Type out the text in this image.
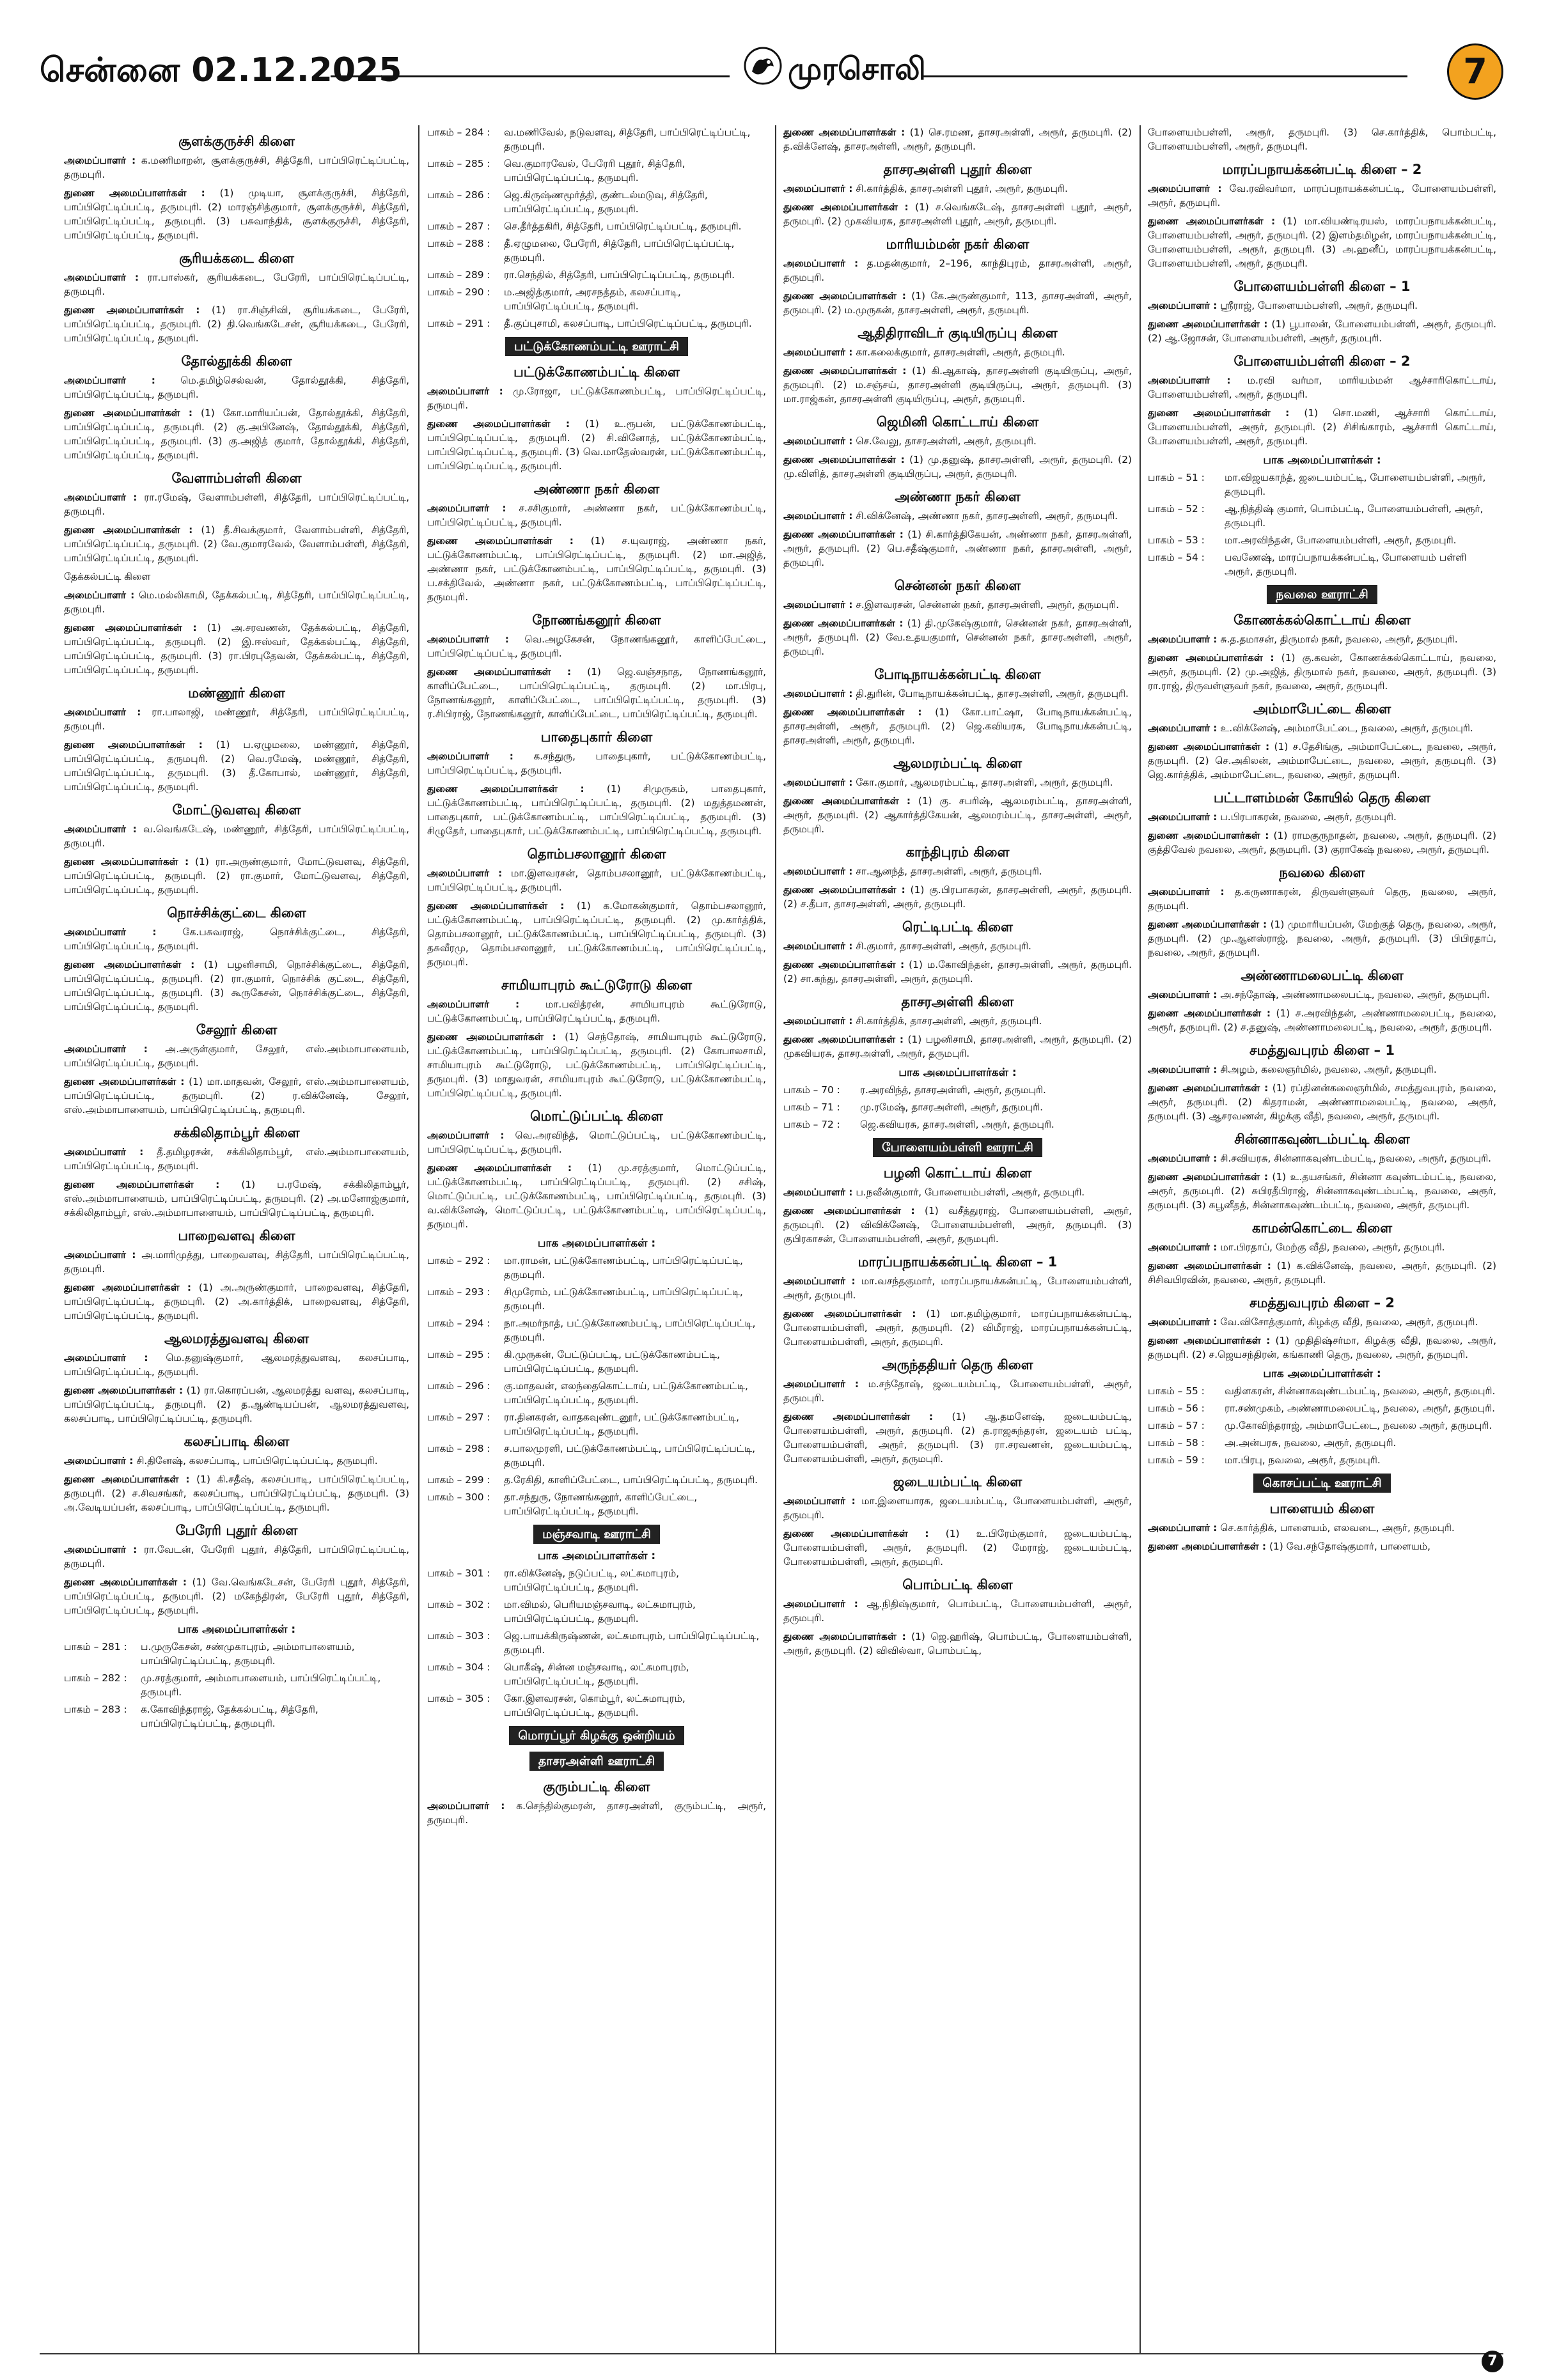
சென்னை 02.12.2025	முரசொலி	7
சூளக்குருச்சி கிளை
அமைப்பாளர் : க.மணிமாறன், சூளக்குருச்சி, சித்தேரி, பாப்பிரெட்டிப்பட்டி, தருமபுரி.
துணை அமைப்பாளர்கள் : (1) முடியா, சூளக்குருச்சி, சித்தேரி, பாப்பிரெட்டிப்பட்டி, தருமபுரி. (2) மாரஞ்சித்குமார், சூளக்குருச்சி, சித்தேரி, பாப்பிரெட்டிப்பட்டி, தருமபுரி. (3) பசுவாந்திக், சூளக்குருச்சி, சித்தேரி, பாப்பிரெட்டிப்பட்டி, தருமபுரி.
சூரியக்கடை கிளை
அமைப்பாளர் : ரா.பாஸ்கர், சூரியக்கடை, பேரேரி, பாப்பிரெட்டிப்பட்டி, தருமபுரி.
துணை அமைப்பாளர்கள் : (1) ரா.சிஞ்சிவி, சூரியக்கடை, பேரேரி, பாப்பிரெட்டிப்பட்டி, தருமபுரி. (2) தி.வெங்கடேசன், சூரியக்கடை, பேரேரி, பாப்பிரெட்டிப்பட்டி, தருமபுரி.
தோல்தூக்கி கிளை
அமைப்பாளர் :	மெ.தமிழ்செல்வன், தோல்தூக்கி, சித்தேரி, பாப்பிரெட்டிப்பட்டி, தருமபுரி.
துணை அமைப்பாளர்கள் : (1) கோ.மாரியப்பன், தோல்தூக்கி, சித்தேரி, பாப்பிரெட்டிப்பட்டி, தருமபுரி. (2) கு.அபினேஷ், தோல்தூக்கி, சித்தேரி, பாப்பிரெட்டிப்பட்டி, தருமபுரி. (3) கு.அஜித் குமார், தோல்தூக்கி, சித்தேரி, பாப்பிரெட்டிப்பட்டி, தருமபுரி.
வேளாம்பள்ளி கிளை
அமைப்பாளர் : ரா.ரமேஷ், வேளாம்பள்ளி, சித்தேரி, பாப்பிரெட்டிப்பட்டி, தருமபுரி.
துணை அமைப்பாளர்கள் : (1) தீ.சிவக்குமார், வேளாம்பள்ளி, சித்தேரி, பாப்பிரெட்டிப்பட்டி, தருமபுரி. (2) வே.குமாரவேல், வேளாம்பள்ளி, சித்தேரி, பாப்பிரெட்டிப்பட்டி, தருமபுரி.
தேக்கல்பட்டி கிளை
அமைப்பாளர் : மெ.மல்லிகாமி, தேக்கல்பட்டி, சித்தேரி, பாப்பிரெட்டிப்பட்டி, தருமபுரி.
துணை அமைப்பாளர்கள் : (1) அ.சரவணன், தேக்கல்பட்டி, சித்தேரி, பாப்பிரெட்டிப்பட்டி, தருமபுரி. (2) இ.ஈஸ்வர், தேக்கல்பட்டி, சித்தேரி, பாப்பிரெட்டிப்பட்டி, தருமபுரி. (3) ரா.பிரபுதேவன், தேக்கல்பட்டி, சித்தேரி, பாப்பிரெட்டிப்பட்டி, தருமபுரி.
மண்ணூர் கிளை
அமைப்பாளர் : ரா.பாலாஜி, மண்ணூர், சித்தேரி, பாப்பிரெட்டிப்பட்டி, தருமபுரி.
துணை அமைப்பாளர்கள் : (1) ப.ஏழுமலை, மண்ணூர், சித்தேரி, பாப்பிரெட்டிப்பட்டி, தருமபுரி. (2) வெ.ரமேஷ், மண்ணூர், சித்தேரி, பாப்பிரெட்டிப்பட்டி, தருமபுரி. (3) தீ.கோபால், மண்ணூர், சித்தேரி, பாப்பிரெட்டிப்பட்டி, தருமபுரி.
மோட்டுவளவு கிளை
அமைப்பாளர் : வ.வெங்கடேஷ், மண்ணூர், சித்தேரி, பாப்பிரெட்டிப்பட்டி, தருமபுரி.
துணை அமைப்பாளர்கள் : (1) ரா.அருண்குமார், மோட்டுவளவு, சித்தேரி, பாப்பிரெட்டிப்பட்டி, தருமபுரி. (2) ரா.குமார், மோட்டுவளவு, சித்தேரி, பாப்பிரெட்டிப்பட்டி, தருமபுரி.
நொச்சிக்குட்டை கிளை
அமைப்பாளர் :	கே.பசுவராஜ், நொச்சிக்குட்டை, சித்தேரி, பாப்பிரெட்டிப்பட்டி, தருமபுரி.
துணை அமைப்பாளர்கள் : (1) பழனிசாமி, நொச்சிக்குட்டை, சித்தேரி, பாப்பிரெட்டிப்பட்டி, தருமபுரி. (2) ரா.குமார், நொச்சிக் குட்டை, சித்தேரி, பாப்பிரெட்டிப்பட்டி, தருமபுரி. (3) கூருகேசன், நொச்சிக்குட்டை, சித்தேரி, பாப்பிரெட்டிப்பட்டி, தருமபுரி.
சேலூர் கிளை
அமைப்பாளர் : அ.அருள்குமார், சேலூர், எஸ்.அம்மாபாளையம், பாப்பிரெட்டிப்பட்டி, தருமபுரி.
துணை அமைப்பாளர்கள் : (1) மா.மாதவன், சேலூர், எஸ்.அம்மாபாளையம், பாப்பிரெட்டிப்பட்டி, தருமபுரி. (2) ர.விக்னேஷ், சேலூர், எஸ்.அம்மாபாளையம், பாப்பிரெட்டிப்பட்டி, தருமபுரி.
சக்கிலிதாம்பூர் கிளை
அமைப்பாளர் : தீ.தமிழரசன், சக்கிலிதாம்பூர், எஸ்.அம்மாபாளையம், பாப்பிரெட்டிப்பட்டி, தருமபுரி.
துணை அமைப்பாளர்கள் : (1) ப.ரமேஷ், சக்கிலிதாம்பூர், எஸ்.அம்மாபாளையம், பாப்பிரெட்டிப்பட்டி, தருமபுரி. (2) அ.மனோஜ்குமார், சக்கிலிதாம்பூர், எஸ்.அம்மாபாளையம், பாப்பிரெட்டிப்பட்டி, தருமபுரி.
பாறைவளவு கிளை
அமைப்பாளர் : அ.மாரிமுத்து, பாறைவளவு, சித்தேரி, பாப்பிரெட்டிப்பட்டி, தருமபுரி.
துணை அமைப்பாளர்கள் : (1) அ.அருண்குமார், பாறைவளவு, சித்தேரி, பாப்பிரெட்டிப்பட்டி, தருமபுரி. (2) அ.கார்த்திக், பாறைவளவு, சித்தேரி, பாப்பிரெட்டிப்பட்டி, தருமபுரி.
ஆலமரத்துவளவு கிளை
அமைப்பாளர் : மெ.தனுஷ்குமார், ஆலமரத்துவளவு, கலசப்பாடி, பாப்பிரெட்டிப்பட்டி, தருமபுரி.
துணை அமைப்பாளர்கள் : (1) ரா.கொரப்பன், ஆலமரத்து வளவு, கலசப்பாடி, பாப்பிரெட்டிப்பட்டி, தருமபுரி. (2) த.ஆண்டியப்பன், ஆலமரத்துவளவு, கலசப்பாடி, பாப்பிரெட்டிப்பட்டி, தருமபுரி.
கலசப்பாடி கிளை
அமைப்பாளர் : சி.தினேஷ், கலசப்பாடி, பாப்பிரெட்டிப்பட்டி, தருமபுரி.
துணை அமைப்பாளர்கள் : (1) கி.சதீஷ், கலசப்பாடி, பாப்பிரெட்டிப்பட்டி, தருமபுரி. (2) ச.சிவசங்கர், கலசப்பாடி, பாப்பிரெட்டிப்பட்டி, தருமபுரி. (3) அ.வேடியப்பன், கலசப்பாடி, பாப்பிரெட்டிப்பட்டி, தருமபுரி.
பேரேரி புதூர் கிளை
அமைப்பாளர் : ரா.வேடன், பேரேரி புதூர், சித்தேரி, பாப்பிரெட்டிப்பட்டி, தருமபுரி.
துணை அமைப்பாளர்கள் : (1) வே.வெங்கடேசன், பேரேரி புதூர், சித்தேரி, பாப்பிரெட்டிப்பட்டி, தருமபுரி. (2) மகேந்திரன், பேரேரி புதூர், சித்தேரி, பாப்பிரெட்டிப்பட்டி, தருமபுரி.
பாக அமைப்பாளர்கள் :
பாகம் – 281 :	ப.முருகேசன், சண்முகாபுரம், அம்மாபாளையம், பாப்பிரெட்டிப்பட்டி, தருமபுரி.
பாகம் – 282 :	மு.சரத்குமார், அம்மாபாளையம், பாப்பிரெட்டிப்பட்டி, தருமபுரி.
பாகம் – 283 :	க.கோவிந்தராஜ், தேக்கல்பட்டி, சித்தேரி, பாப்பிரெட்டிப்பட்டி, தருமபுரி.
பாகம் – 284 :	வ.மணிவேல், நடுவளவு, சித்தேரி, பாப்பிரெட்டிப்பட்டி, தருமபுரி.
பாகம் – 285 :	வெ.குமாரவேல், பேரேரி புதூர், சித்தேரி, பாப்பிரெட்டிப்பட்டி, தருமபுரி.
பாகம் – 286 :	ஜெ.கிருஷ்ணமூர்த்தி, குண்டல்மடுவு, சித்தேரி, பாப்பிரெட்டிப்பட்டி, தருமபுரி.
பாகம் – 287 :	செ.தீர்த்தகிரி, சித்தேரி, பாப்பிரெட்டிப்பட்டி, தருமபுரி.
பாகம் – 288 :	தீ.ஏழுமலை, பேரேரி, சித்தேரி, பாப்பிரெட்டிப்பட்டி, தருமபுரி.
பாகம் – 289 :	ரா.செந்தில், சித்தேரி, பாப்பிரெட்டிப்பட்டி, தருமபுரி.
பாகம் – 290 :	ம.அஜித்குமார், அரசநத்தம், கலசப்பாடி, பாப்பிரெட்டிப்பட்டி, தருமபுரி.
பாகம் – 291 :	தீ.குப்புசாமி, கலசப்பாடி, பாப்பிரெட்டிப்பட்டி, தருமபுரி.
பட்டுக்கோணம்பட்டி ஊராட்சி
பட்டுக்கோணம்பட்டி கிளை
அமைப்பாளர் : மு.ரோஜா, பட்டுக்கோணம்பட்டி, பாப்பிரெட்டிப்பட்டி, தருமபுரி.
துணை அமைப்பாளர்கள் : (1) உ.ரூபன், பட்டுக்கோணம்பட்டி, பாப்பிரெட்டிப்பட்டி, தருமபுரி. (2) சி.வினோத், பட்டுக்கோணம்பட்டி, பாப்பிரெட்டிப்பட்டி, தருமபுரி. (3) வெ.மாதேஸ்வரன், பட்டுக்கோணம்பட்டி, பாப்பிரெட்டிப்பட்டி, தருமபுரி.
அண்ணா நகர் கிளை
அமைப்பாளர் : ச.சசிகுமார், அண்ணா நகர், பட்டுக்கோணம்பட்டி, பாப்பிரெட்டிப்பட்டி, தருமபுரி.
துணை அமைப்பாளர்கள் : (1) ச.யுவராஜ், அண்ணா நகர், பட்டுக்கோணம்பட்டி, பாப்பிரெட்டிப்பட்டி, தருமபுரி. (2) மா.அஜித், அண்ணா நகர், பட்டுக்கோணம்பட்டி, பாப்பிரெட்டிப்பட்டி, தருமபுரி. (3) ப.சக்திவேல், அண்ணா நகர், பட்டுக்கோணம்பட்டி, பாப்பிரெட்டிப்பட்டி, தருமபுரி.
நோணங்கனூர் கிளை
அமைப்பாளர் : வெ.அழகேசன், நோணங்கனூர், காளிப்பேட்டை, பாப்பிரெட்டிப்பட்டி, தருமபுரி.
துணை அமைப்பாளர்கள் : (1) ஜெ.வஞ்சநாத, நோணங்கனூர், காளிப்பேட்டை, பாப்பிரெட்டிப்பட்டி, தருமபுரி. (2) மா.பிரபு, நோணங்கனூர், காளிப்பேட்டை, பாப்பிரெட்டிப்பட்டி, தருமபுரி. (3) ர.சிபிராஜ், நோணங்கனூர், காளிப்பேட்டை, பாப்பிரெட்டிப்பட்டி, தருமபுரி.
பாதைபுகார் கிளை
அமைப்பாளர் : க.சந்துரு, பாதைபுகார், பட்டுக்கோணம்பட்டி, பாப்பிரெட்டிப்பட்டி, தருமபுரி.
துணை அமைப்பாளர்கள் : (1) சிமுருகம், பாதைபுகார், பட்டுக்கோணம்பட்டி, பாப்பிரெட்டிப்பட்டி, தருமபுரி. (2) மதுத்தமணன், பாதைபுகார், பட்டுக்கோணம்பட்டி, பாப்பிரெட்டிப்பட்டி, தருமபுரி. (3) சிழுதேர், பாதைபுகார், பட்டுக்கோணம்பட்டி, பாப்பிரெட்டிப்பட்டி, தருமபுரி.
தொம்பசலானூர் கிளை
அமைப்பாளர் : மா.இளவரசன், தொம்பசலானூர், பட்டுக்கோணம்பட்டி, பாப்பிரெட்டிப்பட்டி, தருமபுரி.
துணை அமைப்பாளர்கள் : (1) க.மோகன்குமார், தொம்பசலானூர், பட்டுக்கோணம்பட்டி, பாப்பிரெட்டிப்பட்டி, தருமபுரி. (2) மு.கார்த்திக், தொம்பசலானூர், பட்டுக்கோணம்பட்டி, பாப்பிரெட்டிப்பட்டி, தருமபுரி. (3) தசுவீரமு, தொம்பசலானூர், பட்டுக்கோணம்பட்டி, பாப்பிரெட்டிப்பட்டி, தருமபுரி.
சாமியாபுரம் கூட்டுரோடு கிளை
அமைப்பாளர் :	மா.பவித்ரன், சாமியாபுரம் கூட்டுரோடு, பட்டுக்கோணம்பட்டி, பாப்பிரெட்டிப்பட்டி, தருமபுரி.
துணை அமைப்பாளர்கள் : (1) செந்தோஷ், சாமியாபுரம் கூட்டுரோடு, பட்டுக்கோணம்பட்டி, பாப்பிரெட்டிப்பட்டி, தருமபுரி. (2) கோபாலசாமி, சாமியாபுரம் கூட்டுரோடு, பட்டுக்கோணம்பட்டி, பாப்பிரெட்டிப்பட்டி, தருமபுரி. (3) மாதுவரன், சாமியாபுரம் கூட்டுரோடு, பட்டுக்கோணம்பட்டி, பாப்பிரெட்டிப்பட்டி, தருமபுரி.
மொட்டுப்பட்டி கிளை
அமைப்பாளர் : வெ.அரவிந்த், மொட்டுப்பட்டி, பட்டுக்கோணம்பட்டி, பாப்பிரெட்டிப்பட்டி, தருமபுரி.
துணை அமைப்பாளர்கள் : (1) மு.சரத்குமார், மொட்டுப்பட்டி, பட்டுக்கோணம்பட்டி, பாப்பிரெட்டிப்பட்டி, தருமபுரி. (2) சசிஷ், மொட்டுப்பட்டி, பட்டுக்கோணம்பட்டி, பாப்பிரெட்டிப்பட்டி, தருமபுரி. (3) வ.விக்னேஷ், மொட்டுப்பட்டி, பட்டுக்கோணம்பட்டி, பாப்பிரெட்டிப்பட்டி, தருமபுரி.
பாக அமைப்பாளர்கள் :
பாகம் – 292 :	மா.ராமன், பட்டுக்கோணம்பட்டி, பாப்பிரெட்டிப்பட்டி, தருமபுரி.
பாகம் – 293 :	சிமுரோம், பட்டுக்கோணம்பட்டி, பாப்பிரெட்டிப்பட்டி, தருமபுரி.
பாகம் – 294 :	நா.அமர்நாத், பட்டுக்கோணம்பட்டி, பாப்பிரெட்டிப்பட்டி, தருமபுரி.
பாகம் – 295 :	கி.முருகன், பேட்டுப்பட்டி, பட்டுக்கோணம்பட்டி, பாப்பிரெட்டிப்பட்டி, தருமபுரி.
பாகம் – 296 :	கு.மாதவன், எலந்தைகொட்டாய், பட்டுக்கோணம்பட்டி, பாப்பிரெட்டிப்பட்டி, தருமபுரி.
பாகம் – 297 :	ரா.தினகரன், வாதகவுண்டனூர், பட்டுக்கோணம்பட்டி, பாப்பிரெட்டிப்பட்டி, தருமபுரி.
பாகம் – 298 :	ச.பாலமுரளி, பட்டுக்கோணம்பட்டி, பாப்பிரெட்டிப்பட்டி, தருமபுரி.
பாகம் – 299 :	த.ரேகிதி, காளிப்பேட்டை, பாப்பிரெட்டிப்பட்டி, தருமபுரி.
பாகம் – 300 :	தா.சந்துரு, நோணங்கனூர், காளிப்பேட்டை, பாப்பிரெட்டிப்பட்டி, தருமபுரி.
மஞ்சவாடி ஊராட்சி
பாக அமைப்பாளர்கள் :
பாகம் – 301 :	ரா.விக்னேஷ், நடுப்பட்டி, லட்சுமாபுரம், பாப்பிரெட்டிப்பட்டி, தருமபுரி.
பாகம் – 302 :	மா.விமல், பெரியமஞ்சவாடி, லட்சுமாபுரம், பாப்பிரெட்டிப்பட்டி, தருமபுரி.
பாகம் – 303 :	ஜெ.பாயக்கிருஷ்ணன், லட்சுமாபுரம், பாப்பிரெட்டிப்பட்டி, தருமபுரி.
பாகம் – 304 :	பொகீஷ், சின்ன மஞ்சவாடி, லட்சுமாபுரம், பாப்பிரெட்டிப்பட்டி, தருமபுரி.
பாகம் – 305 :	கோ.இளவரசன், கொம்பூர், லட்சுமாபுரம், பாப்பிரெட்டிப்பட்டி, தருமபுரி.
மொரப்பூர் கிழக்கு ஒன்றியம்
தாசரஅள்ளி ஊராட்சி
குரும்பட்டி கிளை
அமைப்பாளர் : க.செந்தில்குமரன், தாசரஅள்ளி, குரும்பட்டி, அரூர், தருமபுரி.
துணை அமைப்பாளர்கள் : (1) செ.ரமண, தாசரஅள்ளி, அரூர், தருமபுரி. (2) த.விக்னேஷ், தாசரஅள்ளி, அரூர், தருமபுரி.
தாசரஅள்ளி புதூர் கிளை
அமைப்பாளர் : சி.கார்த்திக், தாசரஅள்ளி புதூர், அரூர், தருமபுரி.
துணை அமைப்பாளர்கள் : (1) ச.வெங்கடேஷ், தாசரஅள்ளி புதூர், அரூர், தருமபுரி. (2) முகவியரசு, தாசரஅள்ளி புதூர், அரூர், தருமபுரி.
மாரியம்மன் நகர் கிளை
அமைப்பாளர் : த.மதன்குமார், 2–196, காந்திபுரம், தாசரஅள்ளி, அரூர், தருமபுரி.
துணை அமைப்பாளர்கள் : (1) கே.அருண்குமார், 113, தாசரஅள்ளி, அரூர், தருமபுரி. (2) ம.முருகன், தாசரஅள்ளி, அரூர், தருமபுரி.
ஆதிதிராவிடர் குடியிருப்பு கிளை
அமைப்பாளர் : கா.கலைக்குமார், தாசரஅள்ளி, அரூர், தருமபுரி.
துணை அமைப்பாளர்கள் : (1) கி.ஆகாஷ், தாசரஅள்ளி குடியிருப்பு, அரூர், தருமபுரி. (2) ம.சஞ்சய், தாசரஅள்ளி குடியிருப்பு, அரூர், தருமபுரி. (3) மா.ராஜ்கன், தாசரஅள்ளி குடியிருப்பு, அரூர், தருமபுரி.
ஜெமினி கொட்டாய் கிளை
அமைப்பாளர் : செ.வேலு, தாசரஅள்ளி, அரூர், தருமபுரி.
துணை அமைப்பாளர்கள் : (1) மு.தனுஷ், தாசரஅள்ளி, அரூர், தருமபுரி. (2) மு.விளித், தாசரஅள்ளி குடியிருப்பு, அரூர், தருமபுரி.
அண்ணா நகர் கிளை
அமைப்பாளர் : சி.விக்னேஷ், அண்ணா நகர், தாசரஅள்ளி, அரூர், தருமபுரி.
துணை அமைப்பாளர்கள் : (1) சி.கார்த்திகேயன், அண்ணா நகர், தாசரஅள்ளி, அரூர், தருமபுரி. (2) பெ.சதீஷ்குமார், அண்ணா நகர், தாசரஅள்ளி, அரூர், தருமபுரி.
சென்னன் நகர் கிளை
அமைப்பாளர் : ச.இளவரசன், சென்னன் நகர், தாசரஅள்ளி, அரூர், தருமபுரி.
துணை அமைப்பாளர்கள் : (1) தி.முகேஷ்குமார், சென்னன் நகர், தாசரஅள்ளி, அரூர், தருமபுரி. (2) வே.உதயகுமார், சென்னன் நகர், தாசரஅள்ளி, அரூர், தருமபுரி.
போடிநாயக்கன்பட்டி கிளை
அமைப்பாளர் : தி.துரின், போடிநாயக்கன்பட்டி, தாசரஅள்ளி, அரூர், தருமபுரி.
துணை அமைப்பாளர்கள் : (1) கோ.பாட்ஷா, போடிநாயக்கன்பட்டி, தாசரஅள்ளி, அரூர், தருமபுரி. (2) ஜெ.கவியரசு, போடிநாயக்கன்பட்டி, தாசரஅள்ளி, அரூர், தருமபுரி.
ஆலமரம்பட்டி கிளை
அமைப்பாளர் : கோ.குமார், ஆலமரம்பட்டி, தாசரஅள்ளி, அரூர், தருமபுரி.
துணை அமைப்பாளர்கள் : (1) கு. சபரிஷ், ஆலமரம்பட்டி, தாசரஅள்ளி, அரூர், தருமபுரி. (2) ஆகார்த்திகேயன், ஆலமரம்பட்டி, தாசரஅள்ளி, அரூர், தருமபுரி.
காந்திபுரம் கிளை
அமைப்பாளர் : சா.ஆனந்த், தாசரஅள்ளி, அரூர், தருமபுரி.
துணை அமைப்பாளர்கள் : (1) கு.பிரபாகரன், தாசரஅள்ளி, அரூர், தருமபுரி. (2) ச.தீபா, தாசரஅள்ளி, அரூர், தருமபுரி.
ரெட்டிபட்டி கிளை
அமைப்பாளர் : சி.குமார், தாசரஅள்ளி, அரூர், தருமபுரி.
துணை அமைப்பாளர்கள் : (1) ம.கோவிந்தன், தாசரஅள்ளி, அரூர், தருமபுரி. (2) சா.கந்து, தாசரஅள்ளி, அரூர், தருமபுரி.
தாசரஅள்ளி கிளை
அமைப்பாளர் : சி.கார்த்திக், தாசரஅள்ளி, அரூர், தருமபுரி.
துணை அமைப்பாளர்கள் : (1) பழனிசாமி, தாசரஅள்ளி, அரூர், தருமபுரி. (2) முகவியரசு, தாசரஅள்ளி, அரூர், தருமபுரி.
பாக அமைப்பாளர்கள் :
பாகம் – 70 :	ர.அரவிந்த், தாசரஅள்ளி, அரூர், தருமபுரி.
பாகம் – 71 :	மு.ரமேஷ், தாசரஅள்ளி, அரூர், தருமபுரி.
பாகம் – 72 :	ஜெ.கவியரசு, தாசரஅள்ளி, அரூர், தருமபுரி.
போளையம்பள்ளி ஊராட்சி
பழனி கொட்டாய் கிளை
அமைப்பாளர் : ப.நவீன்குமார், போளையம்பள்ளி, அரூர், தருமபுரி.
துணை அமைப்பாளர்கள் : (1) வசீத்துராஜ், போளையம்பள்ளி, அரூர், தருமபுரி. (2) விவிக்னேஷ், போளையம்பள்ளி, அரூர், தருமபுரி. (3) குபிரகாசன், போளையம்பள்ளி, அரூர், தருமபுரி.
மாரப்பநாயக்கன்பட்டி கிளை – 1
அமைப்பாளர் : மா.வசந்தகுமார், மாரப்பநாயக்கன்பட்டி, போளையம்பள்ளி, அரூர், தருமபுரி.
துணை அமைப்பாளர்கள் : (1) மா.தமிழ்குமார், மாரப்பநாயக்கன்பட்டி, போளையம்பள்ளி, அரூர், தருமபுரி. (2) விமீராஜ், மாரப்பநாயக்கன்பட்டி, போளையம்பள்ளி, அரூர், தருமபுரி.
அருந்ததியர் தெரு கிளை
அமைப்பாளர் : ம.சந்தோஷ், ஜடையம்பட்டி, போளையம்பள்ளி, அரூர், தருமபுரி.
துணை அமைப்பாளர்கள் : (1) ஆ.தமனேஷ், ஜடையம்பட்டி, போளையம்பள்ளி, அரூர், தருமபுரி. (2) த.ராஜசுந்தரன், ஜடையம் பட்டி, போளையம்பள்ளி, அரூர், தருமபுரி. (3) ரா.சரவணன், ஜடையம்பட்டி, போளையம்பள்ளி, அரூர், தருமபுரி.
ஜடையம்பட்டி கிளை
அமைப்பாளர் : மா.இளையாரசு, ஜடையம்பட்டி, போளையம்பள்ளி, அரூர், தருமபுரி.
துணை அமைப்பாளர்கள் : (1) உ.பிரேம்குமார், ஜடையம்பட்டி, போளையம்பள்ளி, அரூர், தருமபுரி. (2) மேராஜ், ஜடையம்பட்டி, போளையம்பள்ளி, அரூர், தருமபுரி.
பொம்பட்டி கிளை
அமைப்பாளர் : ஆ.நிதிஷ்குமார், பொம்பட்டி, போளையம்பள்ளி, அரூர், தருமபுரி.
துணை அமைப்பாளர்கள் : (1) ஜெ.ஹரிஷ், பொம்பட்டி, போளையம்பள்ளி, அரூர், தருமபுரி. (2) விவில்வா, பொம்பட்டி,
போளையம்பள்ளி, அரூர், தருமபுரி. (3) செ.கார்த்திக், பொம்பட்டி, போளையம்பள்ளி, அரூர், தருமபுரி.
மாரப்பநாயக்கன்பட்டி கிளை – 2
அமைப்பாளர் : வே.ரவிவர்மா, மாரப்பநாயக்கன்பட்டி, போளையம்பள்ளி, அரூர், தருமபுரி.
துணை அமைப்பாளர்கள் : (1) மா.வியண்டிரயஸ், மாரப்பநாயக்கன்பட்டி, போளையம்பள்ளி, அரூர், தருமபுரி. (2) இளம்தமிழன், மாரப்பநாயக்கன்பட்டி, போளையம்பள்ளி, அரூர், தருமபுரி. (3) அ.ஹனீப், மாரப்பநாயக்கன்பட்டி, போளையம்பள்ளி, அரூர், தருமபுரி.
போளையம்பள்ளி கிளை – 1
அமைப்பாளர் : ஸ்ரீராஜ், போளையம்பள்ளி, அரூர், தருமபுரி.
துணை அமைப்பாளர்கள் : (1) பூபாலன், போளையம்பள்ளி, அரூர், தருமபுரி. (2) ஆ.ஜோசன், போளையம்பள்ளி, அரூர், தருமபுரி.
போளையம்பள்ளி கிளை – 2
அமைப்பாளர் : ம.ரவி வர்மா, மாரியம்மன் ஆச்சாரிகொட்டாய், போளையம்பள்ளி, அரூர், தருமபுரி.
துணை அமைப்பாளர்கள் : (1) சொ.மணி, ஆச்சாரி கொட்டாய், போளையம்பள்ளி, அரூர், தருமபுரி. (2) சிசிங்காரம், ஆச்சாரி கொட்டாய், போளையம்பள்ளி, அரூர், தருமபுரி.
பாக அமைப்பாளர்கள் :
பாகம் – 51 :	மா.விஜயகாந்த், ஜடையம்பட்டி, போளையம்பள்ளி, அரூர், தருமபுரி.
பாகம் – 52 :	ஆ.நித்திஷ் குமார், பொம்பட்டி, போளையம்பள்ளி, அரூர், தருமபுரி.
பாகம் – 53 :	மா.அரவிந்தன், போளையம்பள்ளி, அரூர், தருமபுரி.
பாகம் – 54 :	பவணேஷ், மாரப்பநாயக்கன்பட்டி, போளையம் பள்ளி அரூர், தருமபுரி.
நவலை ஊராட்சி
கோணக்கல்கொட்டாய் கிளை
அமைப்பாளர் : சு.த.தமாசன், திருமால் நகர், நவலை, அரூர், தருமபுரி.
துணை அமைப்பாளர்கள் : (1) கு.கவன், கோணக்கல்கொட்டாய், நவலை, அரூர், தருமபுரி. (2) மு.அஜித், திருமால் நகர், நவலை, அரூர், தருமபுரி. (3) ரா.ராஜ், திருவள்ளுவர் நகர், நவலை, அரூர், தருமபுரி.
அம்மாபேட்டை கிளை
அமைப்பாளர் : உ.விக்னேஷ், அம்மாபேட்டை, நவலை, அரூர், தருமபுரி.
துணை அமைப்பாளர்கள் : (1) ச.தேசிங்கு, அம்மாபேட்டை, நவலை, அரூர், தருமபுரி. (2) செ.அகிலன், அம்மாபேட்டை, நவலை, அரூர், தருமபுரி. (3) ஜெ.கார்த்திக், அம்மாபேட்டை, நவலை, அரூர், தருமபுரி.
பட்டாளம்மன் கோயில் தெரு கிளை
அமைப்பாளர் : ப.பிரபாகரன், நவலை, அரூர், தருமபுரி.
துணை அமைப்பாளர்கள் : (1) ராமகுருநாதன், நவலை, அரூர், தருமபுரி. (2) குத்திவேல் நவலை, அரூர், தருமபுரி. (3) குராகேஷ் நவலை, அரூர், தருமபுரி.
நவலை கிளை
அமைப்பாளர் : த.கருணாகரன், திருவள்ளுவர் தெரு, நவலை, அரூர், தருமபுரி.
துணை அமைப்பாளர்கள் : (1) முமாரியப்பன், மேற்குத் தெரு, நவலை, அரூர், தருமபுரி. (2) மு.ஆனஸ்ராஜ், நவலை, அரூர், தருமபுரி. (3) பிபிரதாப், நவலை, அரூர், தருமபுரி.
அண்ணாமலைபட்டி கிளை
அமைப்பாளர் : அ.சந்தோஷ், அண்ணாமலைபட்டி, நவலை, அரூர், தருமபுரி.
துணை அமைப்பாளர்கள் : (1) ச.அரவிந்தன், அண்ணாமலைபட்டி, நவலை, அரூர், தருமபுரி. (2) ச.தனுஷ், அண்ணாமலைபட்டி, நவலை, அரூர், தருமபுரி.
சமத்துவபுரம் கிளை – 1
அமைப்பாளர் : சிஅழம், கலைஞர்மில், நவலை, அரூர், தருமபுரி.
துணை அமைப்பாளர்கள் : (1) ரப்தினன்கலைஞர்மில், சமத்துவபுரம், நவலை, அரூர், தருமபுரி. (2) கிதராமன், அண்ணாமலைபட்டி, நவலை, அரூர், தருமபுரி. (3) ஆசரவணன், கிழக்கு வீதி, நவலை, அரூர், தருமபுரி.
சின்னாகவுண்டம்பட்டி கிளை
அமைப்பாளர் : சி.சவியரசு, சின்னாகவுண்டம்பட்டி, நவலை, அரூர், தருமபுரி.
துணை அமைப்பாளர்கள் : (1) உ.தயசங்கர், சின்னா கவுண்டம்பட்டி, நவலை, அரூர், தருமபுரி. (2) சுபிரதீபிராஜ், சின்னாகவுண்டம்பட்டி, நவலை, அரூர், தருமபுரி. (3) சுபூனீதத், சின்னாகவுண்டம்பட்டி, நவலை, அரூர், தருமபுரி.
காமன்கொட்டை கிளை
அமைப்பாளர் : மா.பிரதாப், மேற்கு வீதி, நவலை, அரூர், தருமபுரி.
துணை அமைப்பாளர்கள் : (1) க.விக்னேஷ், நவலை, அரூர், தருமபுரி. (2) சிசிவபிரவின், நவலை, அரூர், தருமபுரி.
சமத்துவபுரம் கிளை – 2
அமைப்பாளர் : வே.விசோத்குமார், கிழக்கு வீதி, நவலை, அரூர், தருமபுரி.
துணை அமைப்பாளர்கள் : (1) முதிதிஷ்சர்மா, கிழக்கு வீதி, நவலை, அரூர், தருமபுரி. (2) ச.ஜெயசந்திரன், கங்காணி தெரு, நவலை, அரூர், தருமபுரி.
பாக அமைப்பாளர்கள் :
பாகம் – 55 :	வதிளகரன், சின்னாகவுண்டம்பட்டி, நவலை, அரூர், தருமபுரி.
பாகம் – 56 :	ரா.சண்முகம், அண்ணாமலைபட்டி, நவலை, அரூர், தருமபுரி.
பாகம் – 57 :	மு.கோவிந்தராஜ், அம்மாபேட்டை, நவலை அரூர், தருமபுரி.
பாகம் – 58 :	அ.அன்பரசு, நவலை, அரூர், தருமபுரி.
பாகம் – 59 :	மா.பிரபு, நவலை, அரூர், தருமபுரி.
கொசப்பட்டி ஊராட்சி
பாளையம் கிளை
அமைப்பாளர் : செ.கார்த்திக், பாளையம், எலவடை, அரூர், தருமபுரி.
துணை அமைப்பாளர்கள் : (1) வே.சந்தோஷ்குமார், பாளையம்,
7
